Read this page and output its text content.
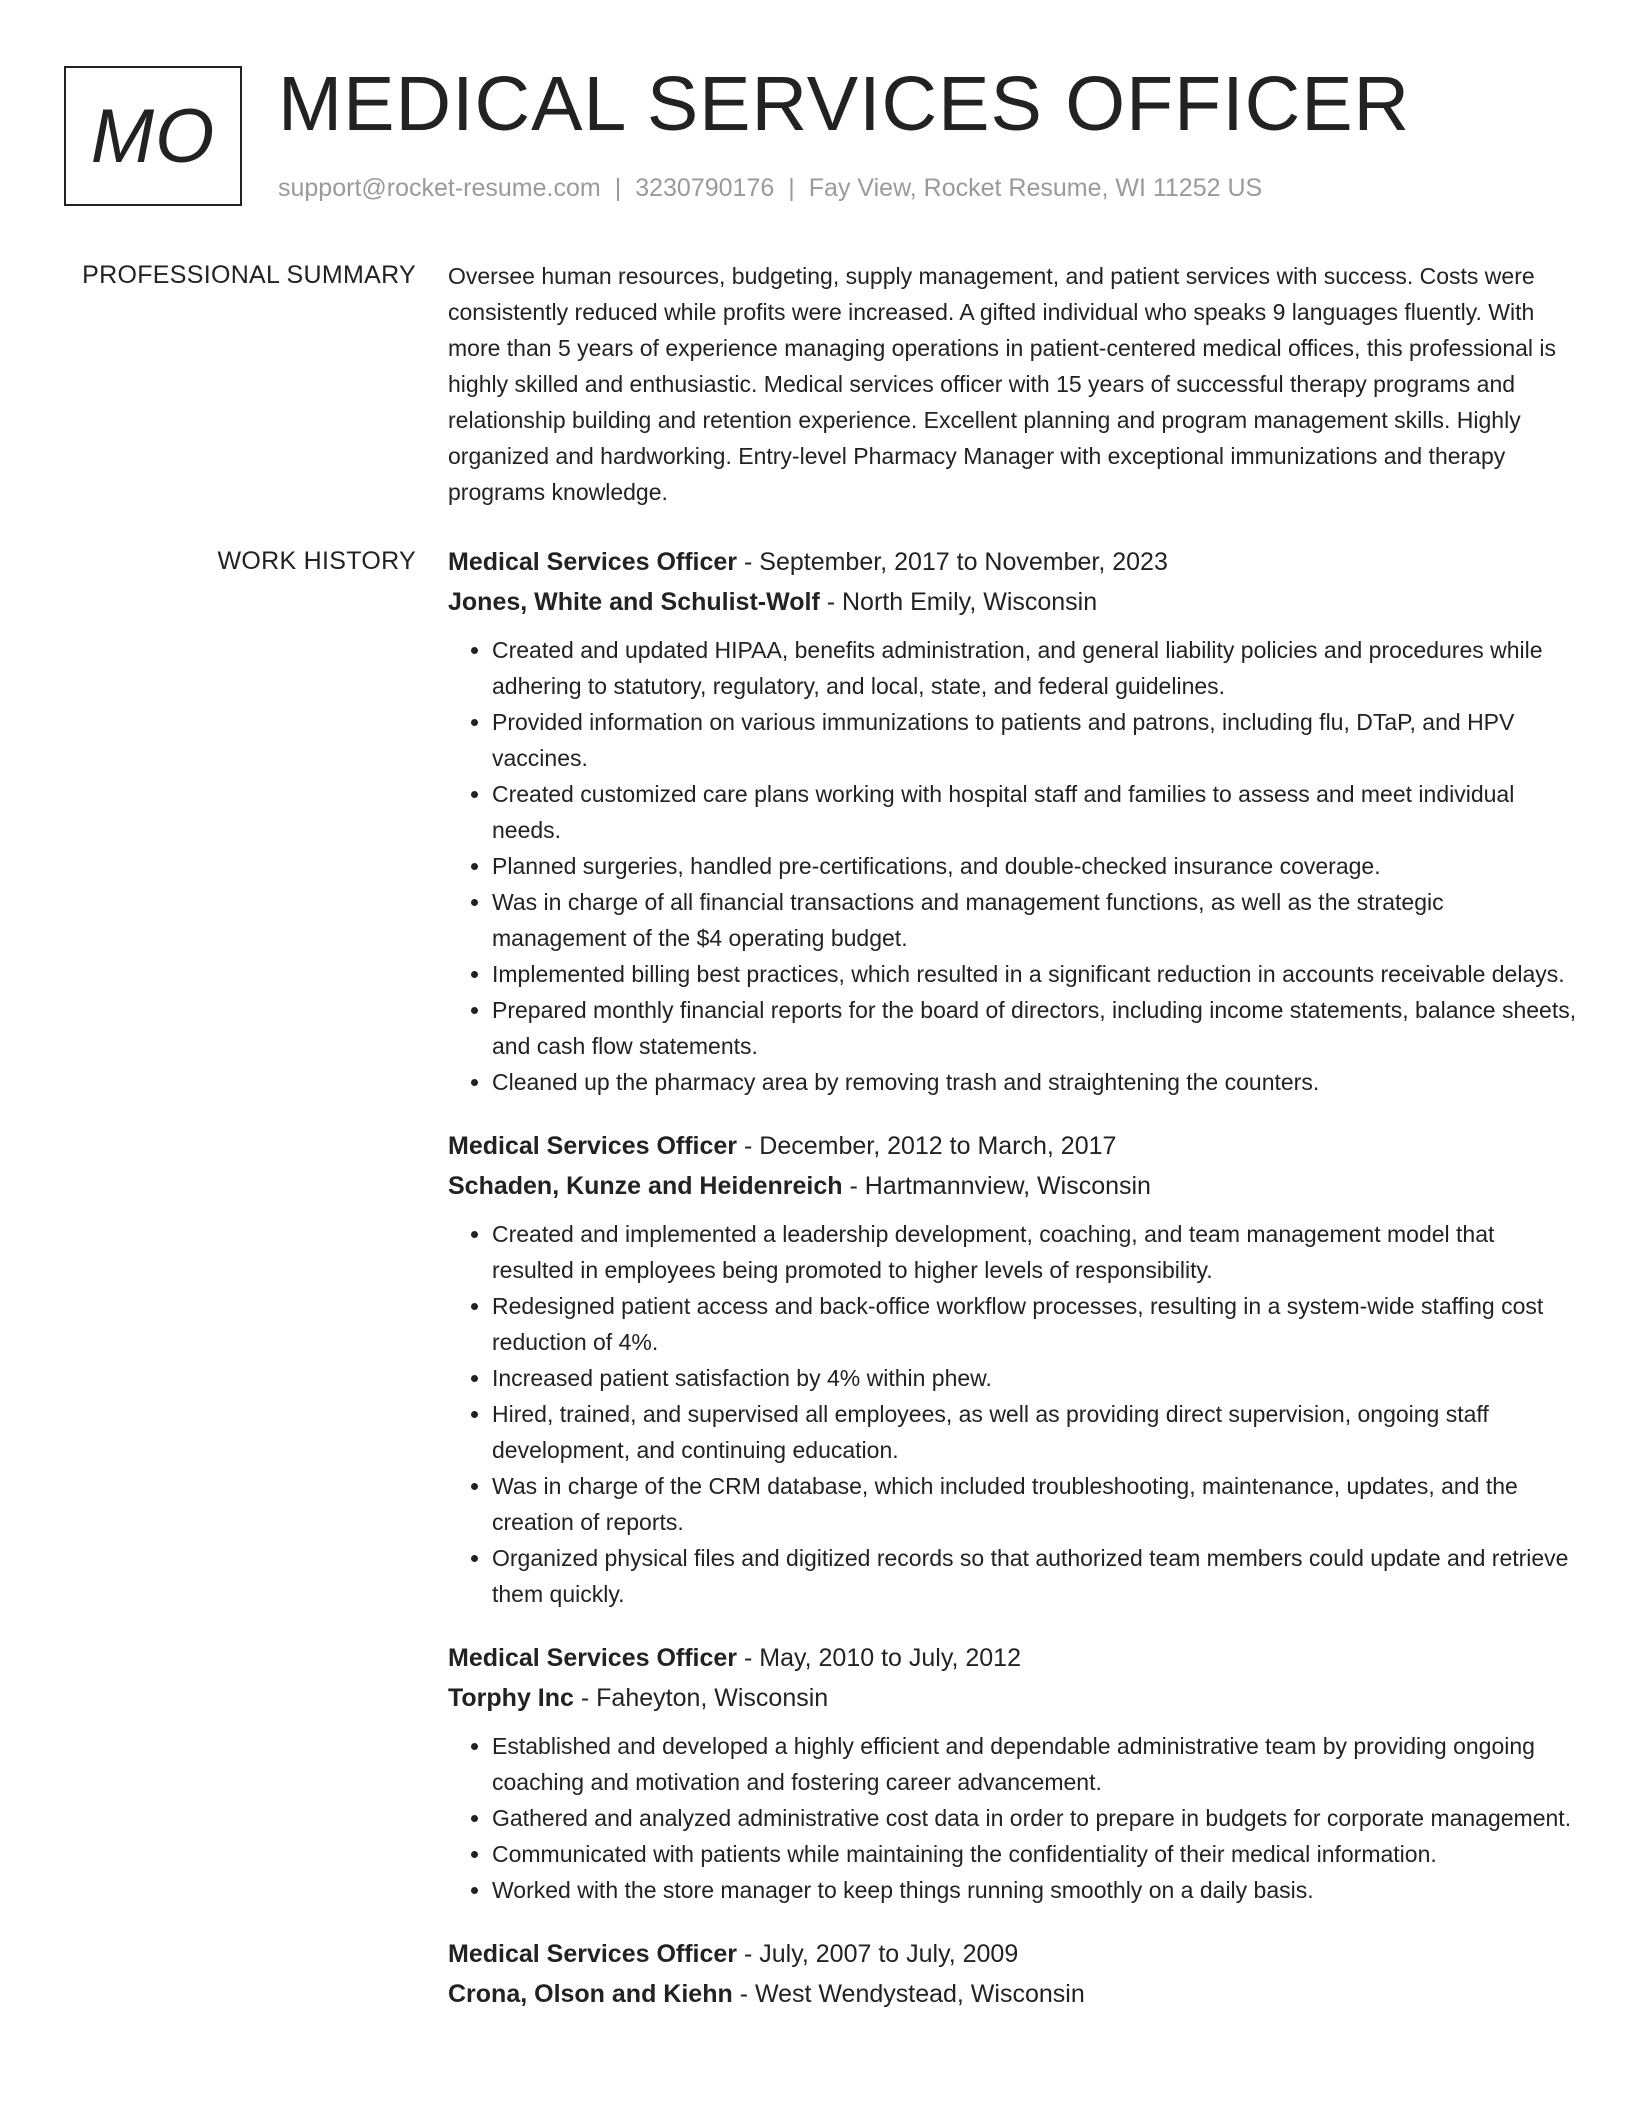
MO MEDICAL SERVICES OFFICER
support@rocket-resume.com | 3230790176 | Fay View, Rocket Resume, WI 11252 US
PROFESSIONAL SUMMARY Oversee human resources, budgeting, supply management, and patient services with success. Costs were consistently reduced while profits were increased. A gifted individual who speaks 9 languages fluently. With more than 5 years of experience managing operations in patient-centered medical offices, this professional is highly skilled and enthusiastic. Medical services officer with 15 years of successful therapy programs and relationship building and retention experience. Excellent planning and program management skills. Highly organized and hardworking. Entry-level Pharmacy Manager with exceptional immunizations and therapy programs knowledge.
WORK HISTORY Medical Services Officer - September, 2017 to November, 2023
Jones, White and Schulist-Wolf - North Emily, Wisconsin
• Created and updated HIPAA, benefits administration, and general liability policies and procedures while adhering to statutory, regulatory, and local, state, and federal guidelines.
• Provided information on various immunizations to patients and patrons, including flu, DTaP, and HPV vaccines.
• Created customized care plans working with hospital staff and families to assess and meet individual needs.
• Planned surgeries, handled pre-certifications, and double-checked insurance coverage.
• Was in charge of all financial transactions and management functions, as well as the strategic management of the $4 operating budget.
• Implemented billing best practices, which resulted in a significant reduction in accounts receivable delays.
• Prepared monthly financial reports for the board of directors, including income statements, balance sheets, and cash flow statements.
• Cleaned up the pharmacy area by removing trash and straightening the counters.
Medical Services Officer - December, 2012 to March, 2017
Schaden, Kunze and Heidenreich - Hartmannview, Wisconsin
• Created and implemented a leadership development, coaching, and team management model that resulted in employees being promoted to higher levels of responsibility.
• Redesigned patient access and back-office workflow processes, resulting in a system-wide staffing cost reduction of 4%.
• Increased patient satisfaction by 4% within phew.
• Hired, trained, and supervised all employees, as well as providing direct supervision, ongoing staff development, and continuing education.
• Was in charge of the CRM database, which included troubleshooting, maintenance, updates, and the creation of reports.
• Organized physical files and digitized records so that authorized team members could update and retrieve them quickly.
Medical Services Officer - May, 2010 to July, 2012
Torphy Inc - Faheyton, Wisconsin
• Established and developed a highly efficient and dependable administrative team by providing ongoing coaching and motivation and fostering career advancement.
• Gathered and analyzed administrative cost data in order to prepare in budgets for corporate management.
• Communicated with patients while maintaining the confidentiality of their medical information.
• Worked with the store manager to keep things running smoothly on a daily basis.
Medical Services Officer - July, 2007 to July, 2009
Crona, Olson and Kiehn - West Wendystead, Wisconsin
